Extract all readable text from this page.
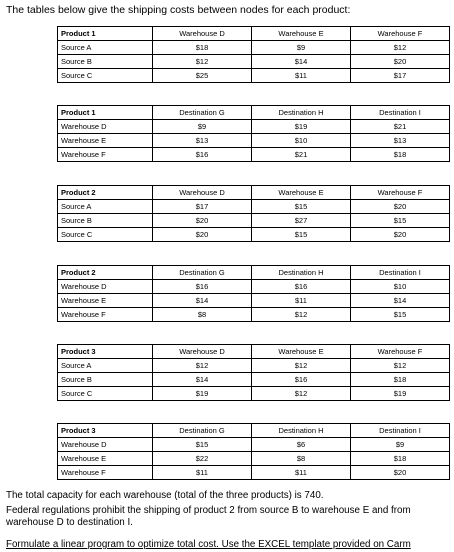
The tables below give the shipping costs between nodes for each product:
Product 1	Warehouse D	Warehouse E	Warehouse F
Source A	$18	$9	$12
Source B	$12	$14	$20
Source C	$25	$11	$17
Product 1	Destination G	Destination H	Destination I
Warehouse D	$9	$19	$21
Warehouse E	$13	$10	$13
Warehouse F	$16	$21	$18
Product 2	Warehouse D	Warehouse E	Warehouse F
Source A	$17	$15	$20
Source B	$20	$27	$15
Source C	$20	$15	$20
Product 2	Destination G	Destination H	Destination I
Warehouse D	$16	$16	$10
Warehouse E	$14	$11	$14
Warehouse F	$8	$12	$15
Product 3	Warehouse D	Warehouse E	Warehouse F
Source A	$12	$12	$12
Source B	$14	$16	$18
Source C	$19	$12	$19
Product 3	Destination G	Destination H	Destination I
Warehouse D	$15	$6	$9
Warehouse E	$22	$8	$18
Warehouse F	$11	$11	$20
The total capacity for each warehouse (total of the three products) is 740.
Federal regulations prohibit the shipping of product 2 from source B to warehouse E and from warehouse D to destination I.
Formulate a linear program to optimize total cost. Use the EXCEL template provided on Carm
